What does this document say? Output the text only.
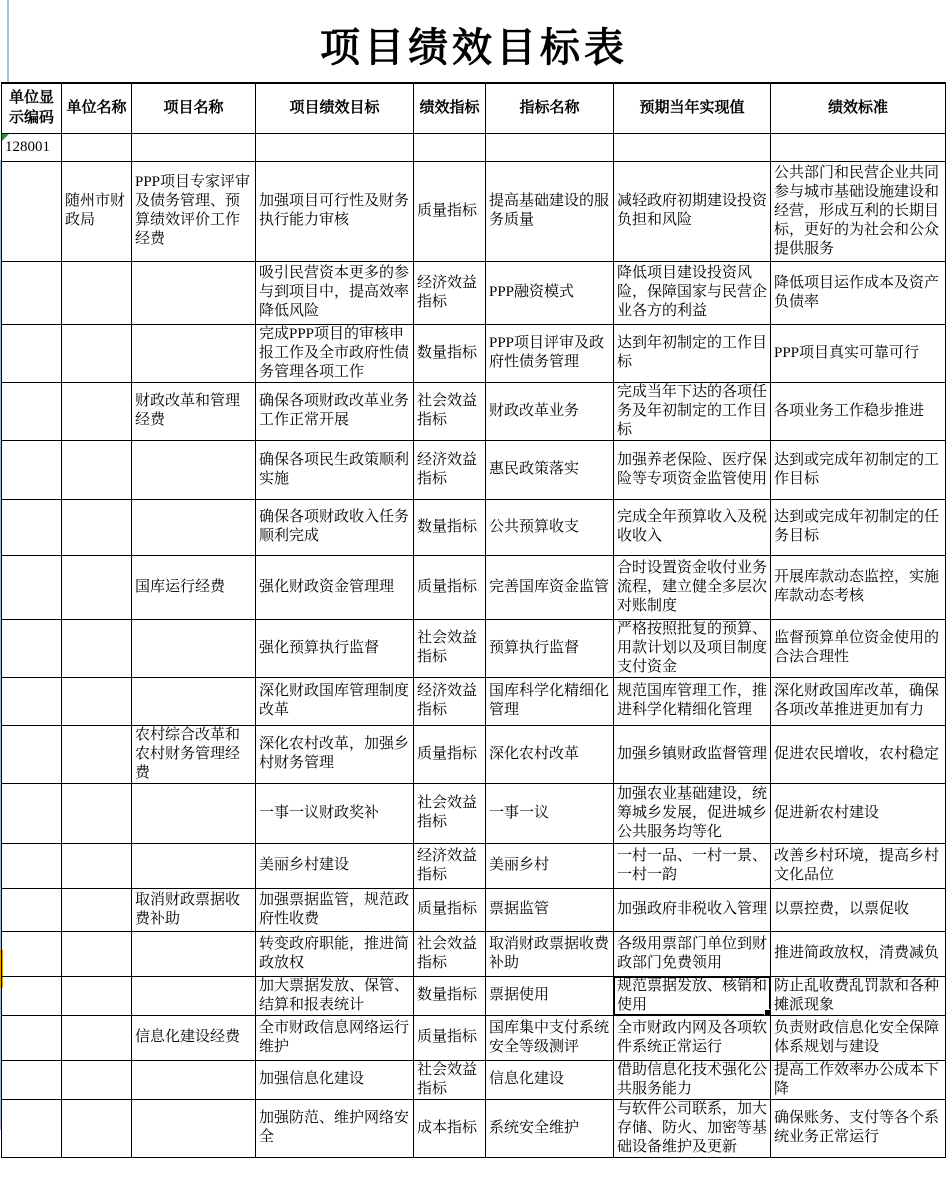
项目绩效目标表
单位显示编码	单位名称	项目名称	项目绩效目标	绩效指标	指标名称	预期当年实现值	绩效标准

128001							
	随州市财政局	PPP项目专家评审及债务管理、预算绩效评价工作经费	加强项目可行性及财务执行能力审核	质量指标	提高基础建设的服务质量	减轻政府初期建设投资负担和风险	公共部门和民营企业共同参与城市基础设施建设和经营，形成互利的长期目标，更好的为社会和公众提供服务
			吸引民营资本更多的参与到项目中，提高效率降低风险	经济效益指标	PPP融资模式	降低项目建设投资风险，保障国家与民营企业各方的利益	降低项目运作成本及资产负债率
			完成PPP项目的审核申报工作及全市政府性债务管理各项工作	数量指标	PPP项目评审及政府性债务管理	达到年初制定的工作目标	PPP项目真实可靠可行
		财政改革和管理经费	确保各项财政改革业务工作正常开展	社会效益指标	财政改革业务	完成当年下达的各项任务及年初制定的工作目标	各项业务工作稳步推进
			确保各项民生政策顺利实施	经济效益指标	惠民政策落实	加强养老保险、医疗保险等专项资金监管使用	达到或完成年初制定的工作目标
			确保各项财政收入任务顺利完成	数量指标	公共预算收支	完成全年预算收入及税收收入	达到或完成年初制定的任务目标
		国库运行经费	强化财政资金管理理	质量指标	完善国库资金监管	合时设置资金收付业务流程，建立健全多层次对账制度	开展库款动态监控，实施库款动态考核
			强化预算执行监督	社会效益指标	预算执行监督	严格按照批复的预算、用款计划以及项目制度支付资金	监督预算单位资金使用的合法合理性
			深化财政国库管理制度改革	经济效益指标	国库科学化精细化管理	规范国库管理工作，推进科学化精细化管理	深化财政国库改革，确保各项改革推进更加有力
		农村综合改革和农村财务管理经费	深化农村改革，加强乡村财务管理	质量指标	深化农村改革	加强乡镇财政监督管理	促进农民增收，农村稳定
			一事一议财政奖补	社会效益指标	一事一议	加强农业基础建设，统筹城乡发展，促进城乡公共服务均等化	促进新农村建设
			美丽乡村建设	经济效益指标	美丽乡村	一村一品、一村一景、一村一韵	改善乡村环境，提高乡村文化品位
		取消财政票据收费补助	加强票据监管，规范政府性收费	质量指标	票据监管	加强政府非税收入管理	以票控费，以票促收
			转变政府职能，推进简政放权	社会效益指标	取消财政票据收费补助	各级用票部门单位到财政部门免费领用	推进简政放权，清费减负
			加大票据发放、保管、结算和报表统计	数量指标	票据使用	规范票据发放、核销和使用	防止乱收费乱罚款和各种摊派现象
		信息化建设经费	全市财政信息网络运行维护	质量指标	国库集中支付系统安全等级测评	全市财政内网及各项软件系统正常运行	负责财政信息化安全保障体系规划与建设
			加强信息化建设	社会效益指标	信息化建设	借助信息化技术强化公共服务能力	提高工作效率办公成本下降
			加强防范、维护网络安全	成本指标	系统安全维护	与软件公司联系，加大存储、防火、加密等基础设备维护及更新	确保账务、支付等各个系统业务正常运行
